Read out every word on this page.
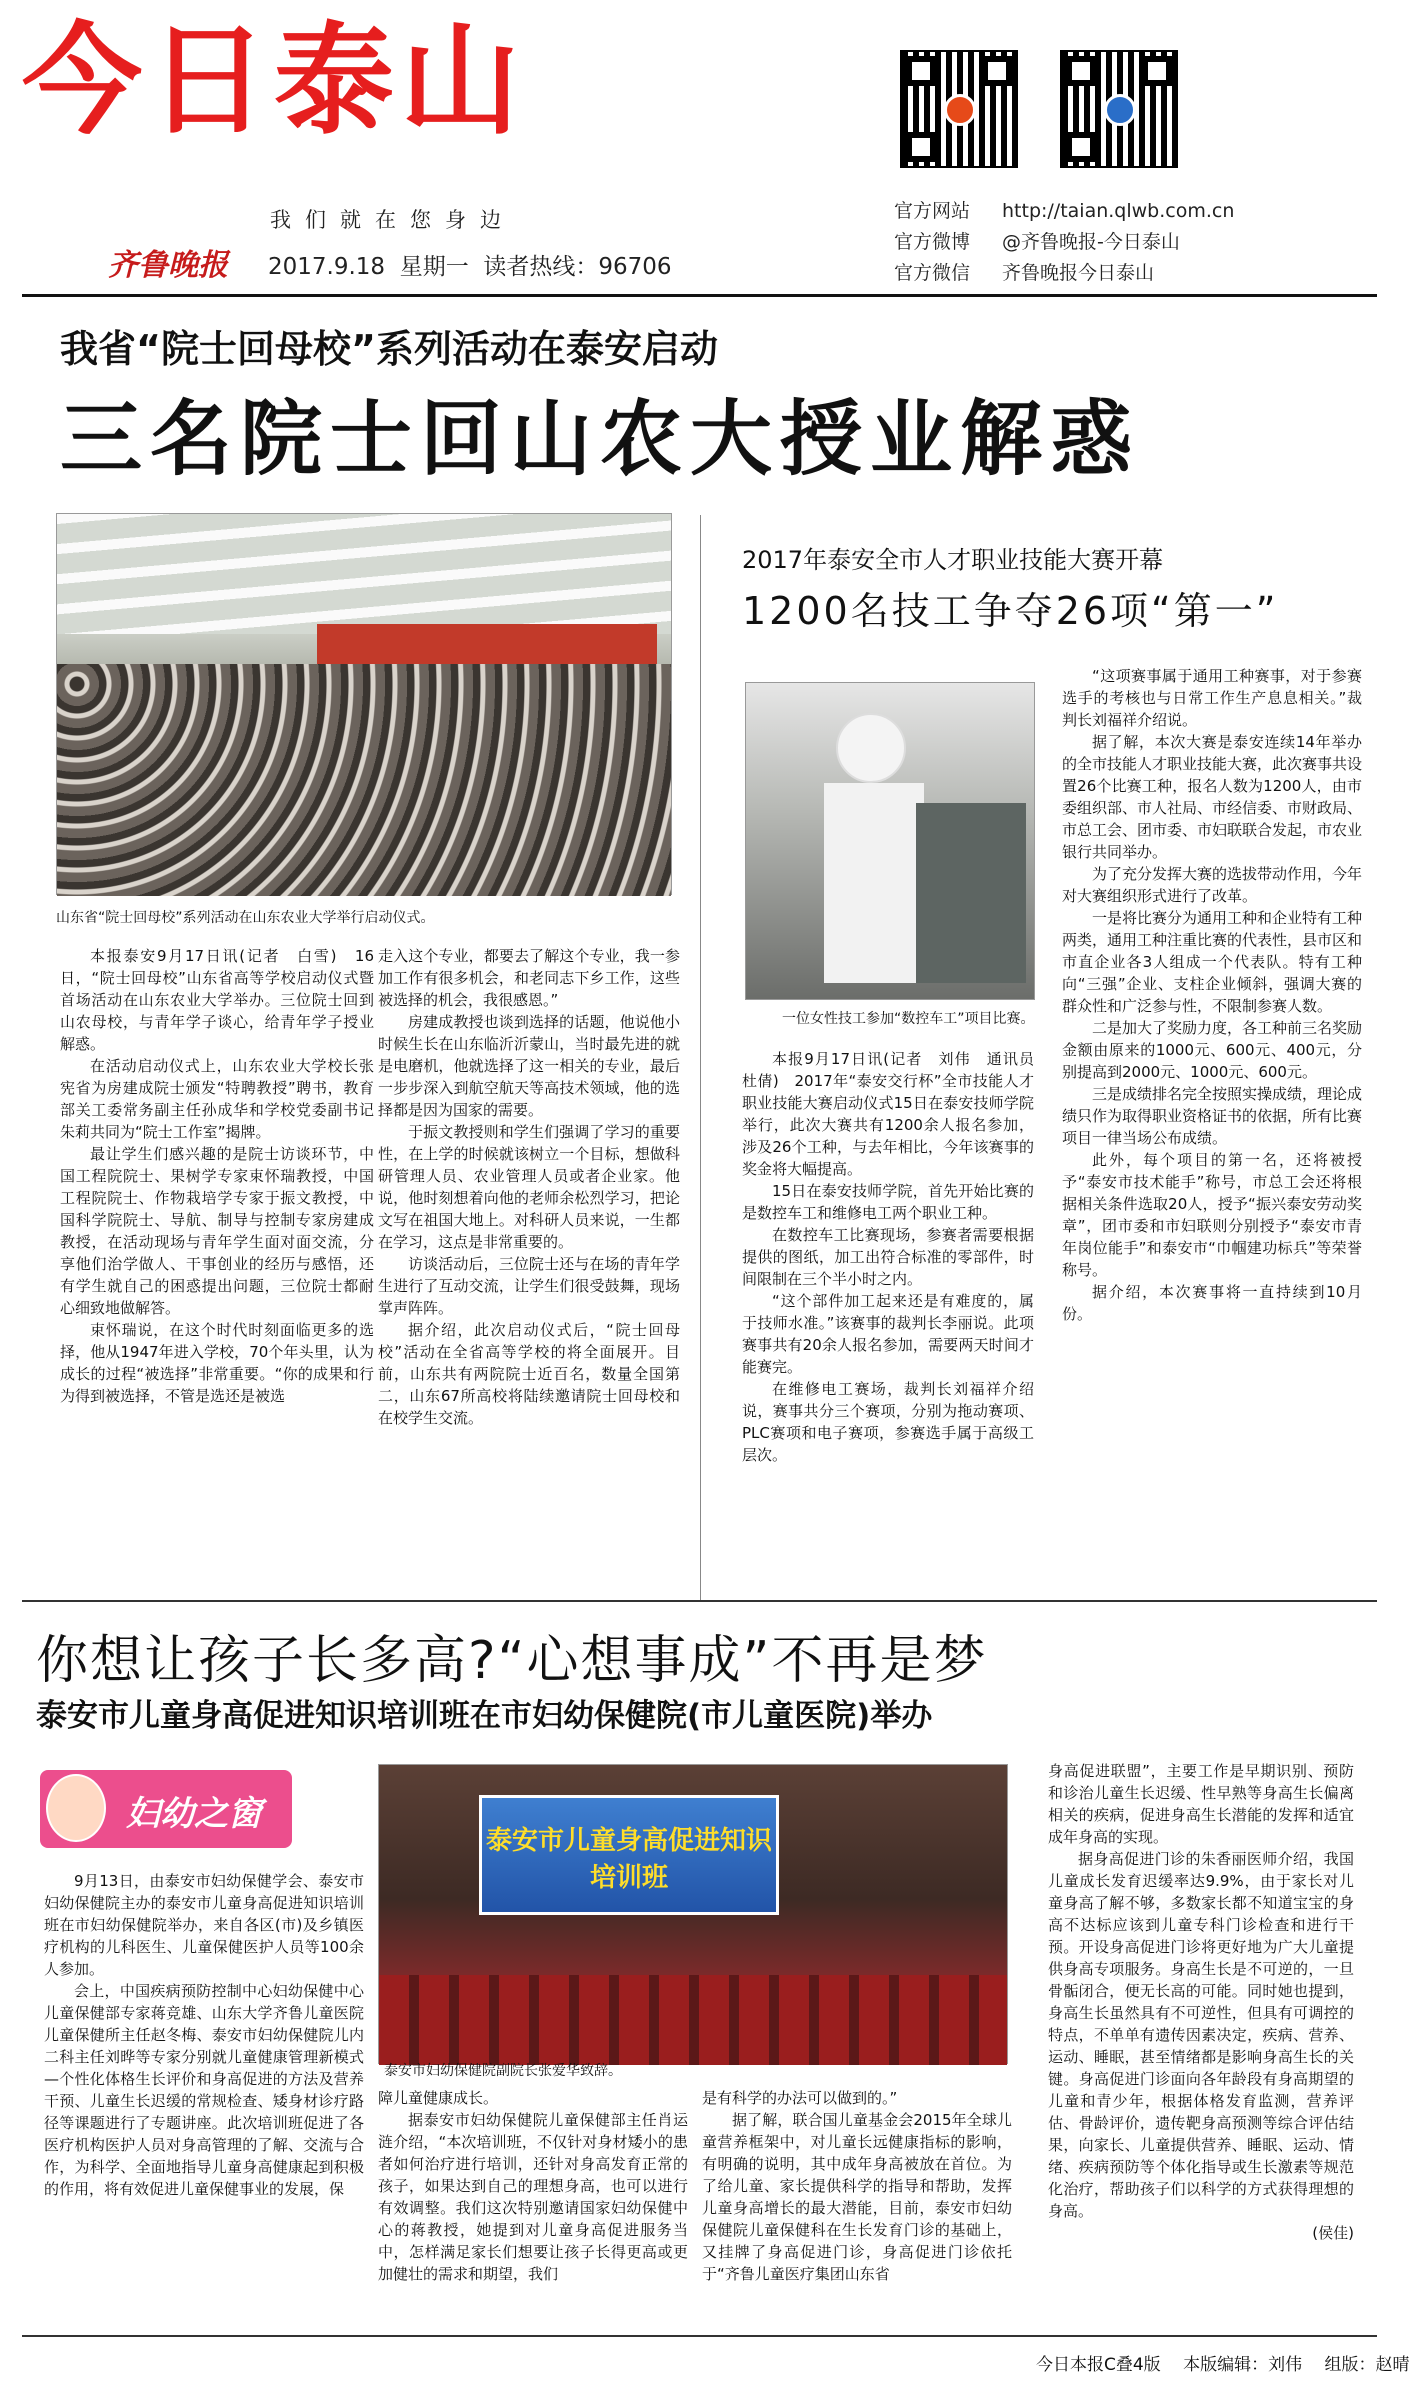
今日泰山
我们就在您身边
齐鲁晚报 2017.9.18 星期一 读者热线：96706
官方网站 http://taian.qlwb.com.cn
官方微博 @齐鲁晚报-今日泰山
官方微信 齐鲁晚报今日泰山
我省“院士回母校”系列活动在泰安启动
三名院士回山农大授业解惑
山东省“院士回母校”系列活动在山东农业大学举行启动仪式。

本报泰安9月17日讯(记者　白雪)　16日，“院士回母校”山东省高等学校启动仪式暨首场活动在山东农业大学举办。三位院士回到山农母校，与青年学子谈心，给青年学子授业解惑。

在活动启动仪式上，山东农业大学校长张宪省为房建成院士颁发“特聘教授”聘书，教育部关工委常务副主任孙成华和学校党委副书记朱莉共同为“院士工作室”揭牌。

最让学生们感兴趣的是院士访谈环节，中国工程院院士、果树学专家束怀瑞教授，中国工程院院士、作物栽培学专家于振文教授，中国科学院院士、导航、制导与控制专家房建成教授，在活动现场与青年学生面对面交流，分享他们治学做人、干事创业的经历与感悟，还有学生就自己的困惑提出问题，三位院士都耐心细致地做解答。

束怀瑞说，在这个时代时刻面临更多的选择，他从1947年进入学校，70个年头里，认为成长的过程“被选择”非常重要。“你的成果和行为得到被选择，不管是选还是被选

走入这个专业，都要去了解这个专业，我一参加工作有很多机会，和老同志下乡工作，这些被选择的机会，我很感恩。”

房建成教授也谈到选择的话题，他说他小时候生长在山东临沂沂蒙山，当时最先进的就是电磨机，他就选择了这一相关的专业，最后一步步深入到航空航天等高技术领域，他的选择都是因为国家的需要。

于振文教授则和学生们强调了学习的重要性，在上学的时候就该树立一个目标，想做科研管理人员、农业管理人员或者企业家。他说，他时刻想着向他的老师余松烈学习，把论文写在祖国大地上。对科研人员来说，一生都在学习，这点是非常重要的。

访谈活动后，三位院士还与在场的青年学生进行了互动交流，让学生们很受鼓舞，现场掌声阵阵。

据介绍，此次启动仪式后，“院士回母校”活动在全省高等学校的将全面展开。目前，山东共有两院院士近百名，数量全国第二，山东67所高校将陆续邀请院士回母校和在校学生交流。

2017年泰安全市人才职业技能大赛开幕
1200名技工争夺26项“第一”
一位女性技工参加“数控车工”项目比赛。

本报9月17日讯(记者　刘伟　通讯员　杜倩)　2017年“泰安交行杯”全市技能人才职业技能大赛启动仪式15日在泰安技师学院举行，此次大赛共有1200余人报名参加，涉及26个工种，与去年相比，今年该赛事的奖金将大幅提高。

15日在泰安技师学院，首先开始比赛的是数控车工和维修电工两个职业工种。

在数控车工比赛现场，参赛者需要根据提供的图纸，加工出符合标准的零部件，时间限制在三个半小时之内。

“这个部件加工起来还是有难度的，属于技师水准。”该赛事的裁判长李丽说。此项赛事共有20余人报名参加，需要两天时间才能赛完。

在维修电工赛场，裁判长刘福祥介绍说，赛事共分三个赛项，分别为拖动赛项、PLC赛项和电子赛项，参赛选手属于高级工层次。

“这项赛事属于通用工种赛事，对于参赛选手的考核也与日常工作生产息息相关。”裁判长刘福祥介绍说。

据了解，本次大赛是泰安连续14年举办的全市技能人才职业技能大赛，此次赛事共设置26个比赛工种，报名人数为1200人，由市委组织部、市人社局、市经信委、市财政局、市总工会、团市委、市妇联联合发起，市农业银行共同举办。

为了充分发挥大赛的选拔带动作用，今年对大赛组织形式进行了改革。

一是将比赛分为通用工种和企业特有工种两类，通用工种注重比赛的代表性，县市区和市直企业各3人组成一个代表队。特有工种向“三强”企业、支柱企业倾斜，强调大赛的群众性和广泛参与性，不限制参赛人数。

二是加大了奖励力度，各工种前三名奖励金额由原来的1000元、600元、400元，分别提高到2000元、1000元、600元。

三是成绩排名完全按照实操成绩，理论成绩只作为取得职业资格证书的依据，所有比赛项目一律当场公布成绩。

此外，每个项目的第一名，还将被授予“泰安市技术能手”称号，市总工会还将根据相关条件选取20人，授予“振兴泰安劳动奖章”，团市委和市妇联则分别授予“泰安市青年岗位能手”和泰安市“巾帼建功标兵”等荣誉称号。

据介绍，本次赛事将一直持续到10月份。

你想让孩子长多高?“心想事成”不再是梦
泰安市儿童身高促进知识培训班在市妇幼保健院(市儿童医院)举办
妇幼之窗
泰安市儿童身高促进知识培训班
泰安市妇幼保健院副院长张爱华致辞。

9月13日，由泰安市妇幼保健学会、泰安市妇幼保健院主办的泰安市儿童身高促进知识培训班在市妇幼保健院举办，来自各区(市)及乡镇医疗机构的儿科医生、儿童保健医护人员等100余人参加。

会上，中国疾病预防控制中心妇幼保健中心儿童保健部专家蒋竞雄、山东大学齐鲁儿童医院儿童保健所主任赵冬梅、泰安市妇幼保健院儿内二科主任刘晔等专家分别就儿童健康管理新模式—个性化体格生长评价和身高促进的方法及营养干预、儿童生长迟缓的常规检查、矮身材诊疗路径等课题进行了专题讲座。此次培训班促进了各医疗机构医护人员对身高管理的了解、交流与合作，为科学、全面地指导儿童身高健康起到积极的作用，将有效促进儿童保健事业的发展，保

障儿童健康成长。

据泰安市妇幼保健院儿童保健部主任肖运涟介绍，“本次培训班，不仅针对身材矮小的患者如何治疗进行培训，还针对身高发育正常的孩子，如果达到自己的理想身高，也可以进行有效调整。我们这次特别邀请国家妇幼保健中心的蒋教授，她提到对儿童身高促进服务当中，怎样满足家长们想要让孩子长得更高或更加健壮的需求和期望，我们

是有科学的办法可以做到的。”

据了解，联合国儿童基金会2015年全球儿童营养框架中，对儿童长远健康指标的影响，有明确的说明，其中成年身高被放在首位。为了给儿童、家长提供科学的指导和帮助，发挥儿童身高增长的最大潜能，目前，泰安市妇幼保健院儿童保健科在生长发育门诊的基础上，又挂牌了身高促进门诊，身高促进门诊依托于“齐鲁儿童医疗集团山东省

身高促进联盟”，主要工作是早期识别、预防和诊治儿童生长迟缓、性早熟等身高生长偏离相关的疾病，促进身高生长潜能的发挥和适宜成年身高的实现。

据身高促进门诊的朱香丽医师介绍，我国儿童成长发育迟缓率达9.9%，由于家长对儿童身高了解不够，多数家长都不知道宝宝的身高不达标应该到儿童专科门诊检查和进行干预。开设身高促进门诊将更好地为广大儿童提供身高专项服务。身高生长是不可逆的，一旦骨骺闭合，便无长高的可能。同时她也提到，身高生长虽然具有不可逆性，但具有可调控的特点，不单单有遗传因素决定，疾病、营养、运动、睡眠，甚至情绪都是影响身高生长的关键。身高促进门诊面向各年龄段有身高期望的儿童和青少年，根据体格发育监测，营养评估、骨龄评价，遗传靶身高预测等综合评估结果，向家长、儿童提供营养、睡眠、运动、情绪、疾病预防等个体化指导或生长激素等规范化治疗，帮助孩子们以科学的方式获得理想的身高。

(侯佳)

今日本报C叠4版　 本版编辑：刘伟　 组版：赵晴
